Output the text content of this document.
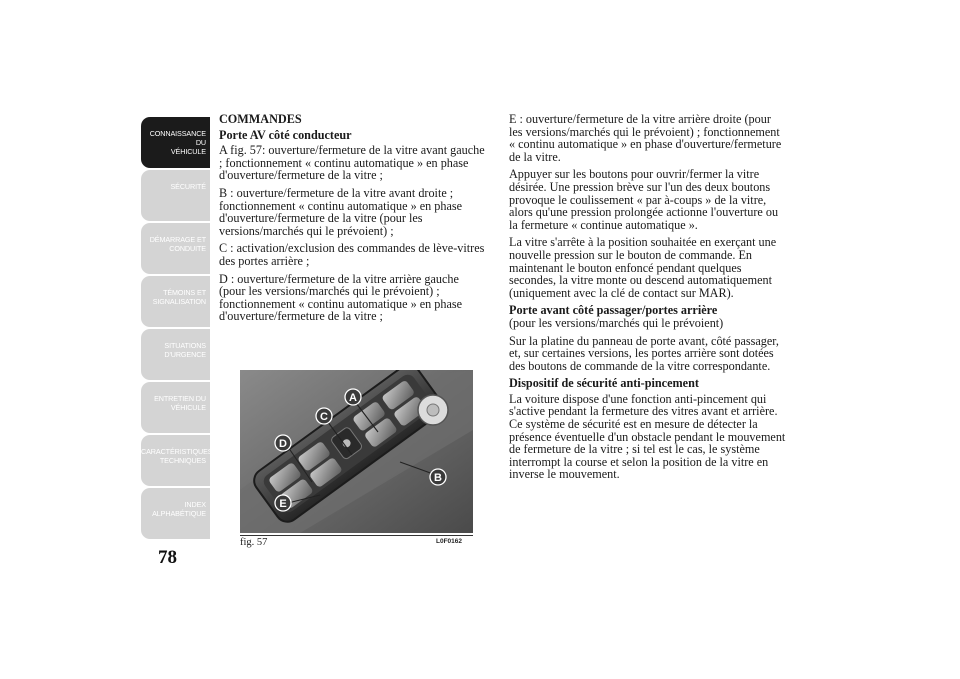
CONNAISSANCE DU
VÉHICULE
SÉCURITÉ
DÉMARRAGE ET
CONDUITE
TÉMOINS ET
SIGNALISATION
SITUATIONS
D'URGENCE
ENTRETIEN DU
VÉHICULE
CARACTÉRISTIQUES
TECHNIQUES
INDEX
ALPHABÉTIQUE
78
COMMANDES
Porte AV côté conducteur

A fig. 57: ouverture/fermeture de la vitre avant gauche ; fonctionnement « continu automatique » en phase d'ouverture/fermeture de la vitre ;

B : ouverture/fermeture de la vitre avant droite ; fonctionnement « continu automatique » en phase d'ouverture/fermeture de la vitre (pour les versions/marchés qui le prévoient) ;

C : activation/exclusion des commandes de lève-vitres des portes arrière ;

D : ouverture/fermeture de la vitre arrière gauche (pour les versions/marchés qui le prévoient) ; fonctionnement « continu automatique » en phase d'ouverture/fermeture de la vitre ;

E : ouverture/fermeture de la vitre arrière droite (pour les versions/marchés qui le prévoient) ; fonctionnement « continu automatique » en phase d'ouverture/fermeture de la vitre.

Appuyer sur les boutons pour ouvrir/fermer la vitre désirée. Une pression brève sur l'un des deux boutons provoque le coulissement « par à-coups » de la vitre, alors qu'une pression prolongée actionne l'ouverture ou la fermeture « continue automatique ».

La vitre s'arrête à la position souhaitée en exerçant une nouvelle pression sur le bouton de commande. En maintenant le bouton enfoncé pendant quelques secondes, la vitre monte ou descend automatiquement (uniquement avec la clé de contact sur MAR).

Porte avant côté passager/portes arrière

(pour les versions/marchés qui le prévoient)

Sur la platine du panneau de porte avant, côté passager, et, sur certaines versions, les portes arrière sont dotées des boutons de commande de la vitre correspondante.

Dispositif de sécurité anti-pincement

La voiture dispose d'une fonction anti-pincement qui s'active pendant la fermeture des vitres avant et arrière. Ce système de sécurité est en mesure de détecter la présence éventuelle d'un obstacle pendant le mouvement de fermeture de la vitre ; si tel est le cas, le système interrompt la course et selon la position de la vitre en inverse le mouvement.

A
C
D
B
E
fig. 57	L0F0162
